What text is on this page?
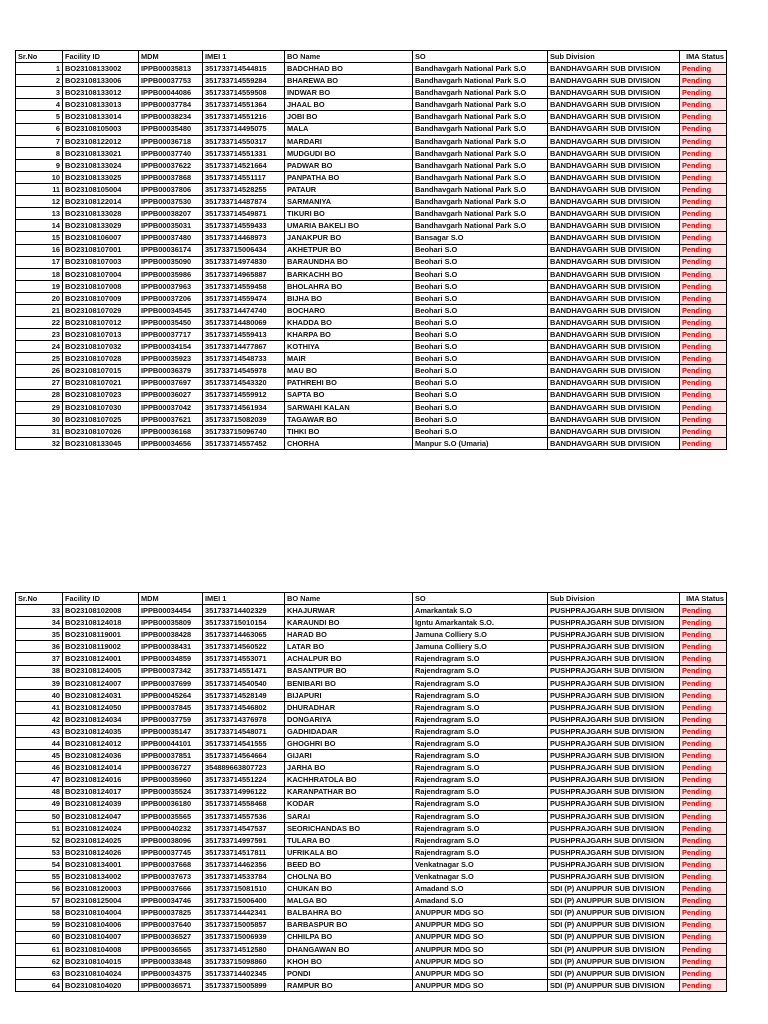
Sr.No	Facility ID	MDM	IMEI 1	BO Name	SO	Sub Division	IMA Status
1	BO23108133002	IPPB00035813	351733714544815	BADCHHAD BO	Bandhavgarh National Park S.O	BANDHAVGARH SUB DIVISION	Pending
2	BO23108133006	IPPB00037753	351733714559284	BHAREWA BO	Bandhavgarh National Park S.O	BANDHAVGARH SUB DIVISION	Pending
3	BO23108133012	IPPB00044086	351733714559508	INDWAR BO	Bandhavgarh National Park S.O	BANDHAVGARH SUB DIVISION	Pending
4	BO23108133013	IPPB00037784	351733714551364	JHAAL BO	Bandhavgarh National Park S.O	BANDHAVGARH SUB DIVISION	Pending
5	BO23108133014	IPPB00038234	351733714551216	JOBI BO	Bandhavgarh National Park S.O	BANDHAVGARH SUB DIVISION	Pending
6	BO23108105003	IPPB00035480	351733714495075	MALA	Bandhavgarh National Park S.O	BANDHAVGARH SUB DIVISION	Pending
7	BO23108122012	IPPB00036718	351733714550317	MARDARI	Bandhavgarh National Park S.O	BANDHAVGARH SUB DIVISION	Pending
8	BO23108133021	IPPB00037740	351733714551331	MUDGUDI BO	Bandhavgarh National Park S.O	BANDHAVGARH SUB DIVISION	Pending
9	BO23108133024	IPPB00037622	351733714521664	PADWAR BO	Bandhavgarh National Park S.O	BANDHAVGARH SUB DIVISION	Pending
10	BO23108133025	IPPB00037868	351733714551117	PANPATHA BO	Bandhavgarh National Park S.O	BANDHAVGARH SUB DIVISION	Pending
11	BO23108105004	IPPB00037806	351733714528255	PATAUR	Bandhavgarh National Park S.O	BANDHAVGARH SUB DIVISION	Pending
12	BO23108122014	IPPB00037530	351733714487874	SARMANIYA	Bandhavgarh National Park S.O	BANDHAVGARH SUB DIVISION	Pending
13	BO23108133028	IPPB00038207	351733714549871	TIKURI BO	Bandhavgarh National Park S.O	BANDHAVGARH SUB DIVISION	Pending
14	BO23108133029	IPPB00035031	351733714559433	UMARIA BAKELI BO	Bandhavgarh National Park S.O	BANDHAVGARH SUB DIVISION	Pending
15	BO23108106007	IPPB00037480	351733714468973	JANAKPUR BO	Bansagar S.O	BANDHAVGARH SUB DIVISION	Pending
16	BO23108107001	IPPB00036174	351733715006434	AKHETPUR BO	Beohari S.O	BANDHAVGARH SUB DIVISION	Pending
17	BO23108107003	IPPB00035090	351733714974830	BARAUNDHA BO	Beohari S.O	BANDHAVGARH SUB DIVISION	Pending
18	BO23108107004	IPPB00035986	351733714965887	BARKACHH BO	Beohari S.O	BANDHAVGARH SUB DIVISION	Pending
19	BO23108107008	IPPB00037963	351733714559458	BHOLAHRA BO	Beohari S.O	BANDHAVGARH SUB DIVISION	Pending
20	BO23108107009	IPPB00037206	351733714559474	BIJHA BO	Beohari S.O	BANDHAVGARH SUB DIVISION	Pending
21	BO23108107029	IPPB00034545	351733714474740	BOCHARO	Beohari S.O	BANDHAVGARH SUB DIVISION	Pending
22	BO23108107012	IPPB00035450	351733714480069	KHADDA BO	Beohari S.O	BANDHAVGARH SUB DIVISION	Pending
23	BO23108107013	IPPB00037717	351733714559413	KHARPA BO	Beohari S.O	BANDHAVGARH SUB DIVISION	Pending
24	BO23108107032	IPPB00034154	351733714477867	KOTHIYA	Beohari S.O	BANDHAVGARH SUB DIVISION	Pending
25	BO23108107028	IPPB00035923	351733714548733	MAIR	Beohari S.O	BANDHAVGARH SUB DIVISION	Pending
26	BO23108107015	IPPB00036379	351733714545978	MAU BO	Beohari S.O	BANDHAVGARH SUB DIVISION	Pending
27	BO23108107021	IPPB00037697	351733714543320	PATHREHI BO	Beohari S.O	BANDHAVGARH SUB DIVISION	Pending
28	BO23108107023	IPPB00036027	351733714559912	SAPTA BO	Beohari S.O	BANDHAVGARH SUB DIVISION	Pending
29	BO23108107030	IPPB00037042	351733714561934	SARWAHI KALAN	Beohari S.O	BANDHAVGARH SUB DIVISION	Pending
30	BO23108107025	IPPB00037621	351733715082039	TAGAWAR BO	Beohari S.O	BANDHAVGARH SUB DIVISION	Pending
31	BO23108107026	IPPB00036168	351733715096740	TIHKI BO	Beohari S.O	BANDHAVGARH SUB DIVISION	Pending
32	BO23108133045	IPPB00034656	351733714557452	CHORHA	Manpur S.O (Umaria)	BANDHAVGARH SUB DIVISION	Pending
Sr.No	Facility ID	MDM	IMEI 1	BO Name	SO	Sub Division	IMA Status
33	BO23108102008	IPPB00034454	351733714402329	KHAJURWAR	Amarkantak S.O	PUSHPRAJGARH SUB DIVISION	Pending
34	BO23108124018	IPPB00035809	351733715010154	KARAUNDI BO	Igntu Amarkantak S.O.	PUSHPRAJGARH SUB DIVISION	Pending
35	BO23108119001	IPPB00038428	351733714463065	HARAD BO	Jamuna Colliery S.O	PUSHPRAJGARH SUB DIVISION	Pending
36	BO23108119002	IPPB00038431	351733714560522	LATAR BO	Jamuna Colliery S.O	PUSHPRAJGARH SUB DIVISION	Pending
37	BO23108124001	IPPB00034859	351733714553071	ACHALPUR BO	Rajendragram S.O	PUSHPRAJGARH SUB DIVISION	Pending
38	BO23108124005	IPPB00037342	351733714551471	BASANTPUR BO	Rajendragram S.O	PUSHPRAJGARH SUB DIVISION	Pending
39	BO23108124007	IPPB00037699	351733714540540	BENIBARI BO	Rajendragram S.O	PUSHPRAJGARH SUB DIVISION	Pending
40	BO23108124031	IPPB00045264	351733714528149	BIJAPURI	Rajendragram S.O	PUSHPRAJGARH SUB DIVISION	Pending
41	BO23108124050	IPPB00037845	351733714546802	DHURADHAR	Rajendragram S.O	PUSHPRAJGARH SUB DIVISION	Pending
42	BO23108124034	IPPB00037759	351733714376978	DONGARIYA	Rajendragram S.O	PUSHPRAJGARH SUB DIVISION	Pending
43	BO23108124035	IPPB00035147	351733714548071	GADHIDADAR	Rajendragram S.O	PUSHPRAJGARH SUB DIVISION	Pending
44	BO23108124012	IPPB00044101	351733714541555	GHOGHRI BO	Rajendragram S.O	PUSHPRAJGARH SUB DIVISION	Pending
45	BO23108124036	IPPB00037851	351733714564664	GIJARI	Rajendragram S.O	PUSHPRAJGARH SUB DIVISION	Pending
46	BO23108124014	IPPB00036727	354889663807723	JARHA BO	Rajendragram S.O	PUSHPRAJGARH SUB DIVISION	Pending
47	BO23108124016	IPPB00035960	351733714551224	KACHHRATOLA BO	Rajendragram S.O	PUSHPRAJGARH SUB DIVISION	Pending
48	BO23108124017	IPPB00035524	351733714996122	KARANPATHAR BO	Rajendragram S.O	PUSHPRAJGARH SUB DIVISION	Pending
49	BO23108124039	IPPB00036180	351733714558468	KODAR	Rajendragram S.O	PUSHPRAJGARH SUB DIVISION	Pending
50	BO23108124047	IPPB00035565	351733714557536	SARAI	Rajendragram S.O	PUSHPRAJGARH SUB DIVISION	Pending
51	BO23108124024	IPPB00040232	351733714547537	SEORICHANDAS BO	Rajendragram S.O	PUSHPRAJGARH SUB DIVISION	Pending
52	BO23108124025	IPPB00038096	351733714997591	TULARA BO	Rajendragram S.O	PUSHPRAJGARH SUB DIVISION	Pending
53	BO23108124026	IPPB00037745	351733714517811	UFRIKALA BO	Rajendragram S.O	PUSHPRAJGARH SUB DIVISION	Pending
54	BO23108134001	IPPB00037668	351733714462356	BEED BO	Venkatnagar S.O	PUSHPRAJGARH SUB DIVISION	Pending
55	BO23108134002	IPPB00037673	351733714533784	CHOLNA BO	Venkatnagar S.O	PUSHPRAJGARH SUB DIVISION	Pending
56	BO23108120003	IPPB00037666	351733715081510	CHUKAN BO	Amadand S.O	SDI (P) ANUPPUR SUB DIVISION	Pending
57	BO23108125004	IPPB00034746	351733715006400	MALGA BO	Amadand S.O	SDI (P) ANUPPUR SUB DIVISION	Pending
58	BO23108104004	IPPB00037825	351733714442341	BALBAHRA BO	ANUPPUR MDG SO	SDI (P) ANUPPUR SUB DIVISION	Pending
59	BO23108104006	IPPB00037640	351733715005857	BARBASPUR BO	ANUPPUR MDG SO	SDI (P) ANUPPUR SUB DIVISION	Pending
60	BO23108104007	IPPB00036527	351733715006939	CHHILPA BO	ANUPPUR MDG SO	SDI (P) ANUPPUR SUB DIVISION	Pending
61	BO23108104008	IPPB00036565	351733714512580	DHANGAWAN BO	ANUPPUR MDG SO	SDI (P) ANUPPUR SUB DIVISION	Pending
62	BO23108104015	IPPB00033848	351733715098860	KHOH BO	ANUPPUR MDG SO	SDI (P) ANUPPUR SUB DIVISION	Pending
63	BO23108104024	IPPB00034375	351733714402345	PONDI	ANUPPUR MDG SO	SDI (P) ANUPPUR SUB DIVISION	Pending
64	BO23108104020	IPPB00036571	351733715005899	RAMPUR BO	ANUPPUR MDG SO	SDI (P) ANUPPUR SUB DIVISION	Pending
